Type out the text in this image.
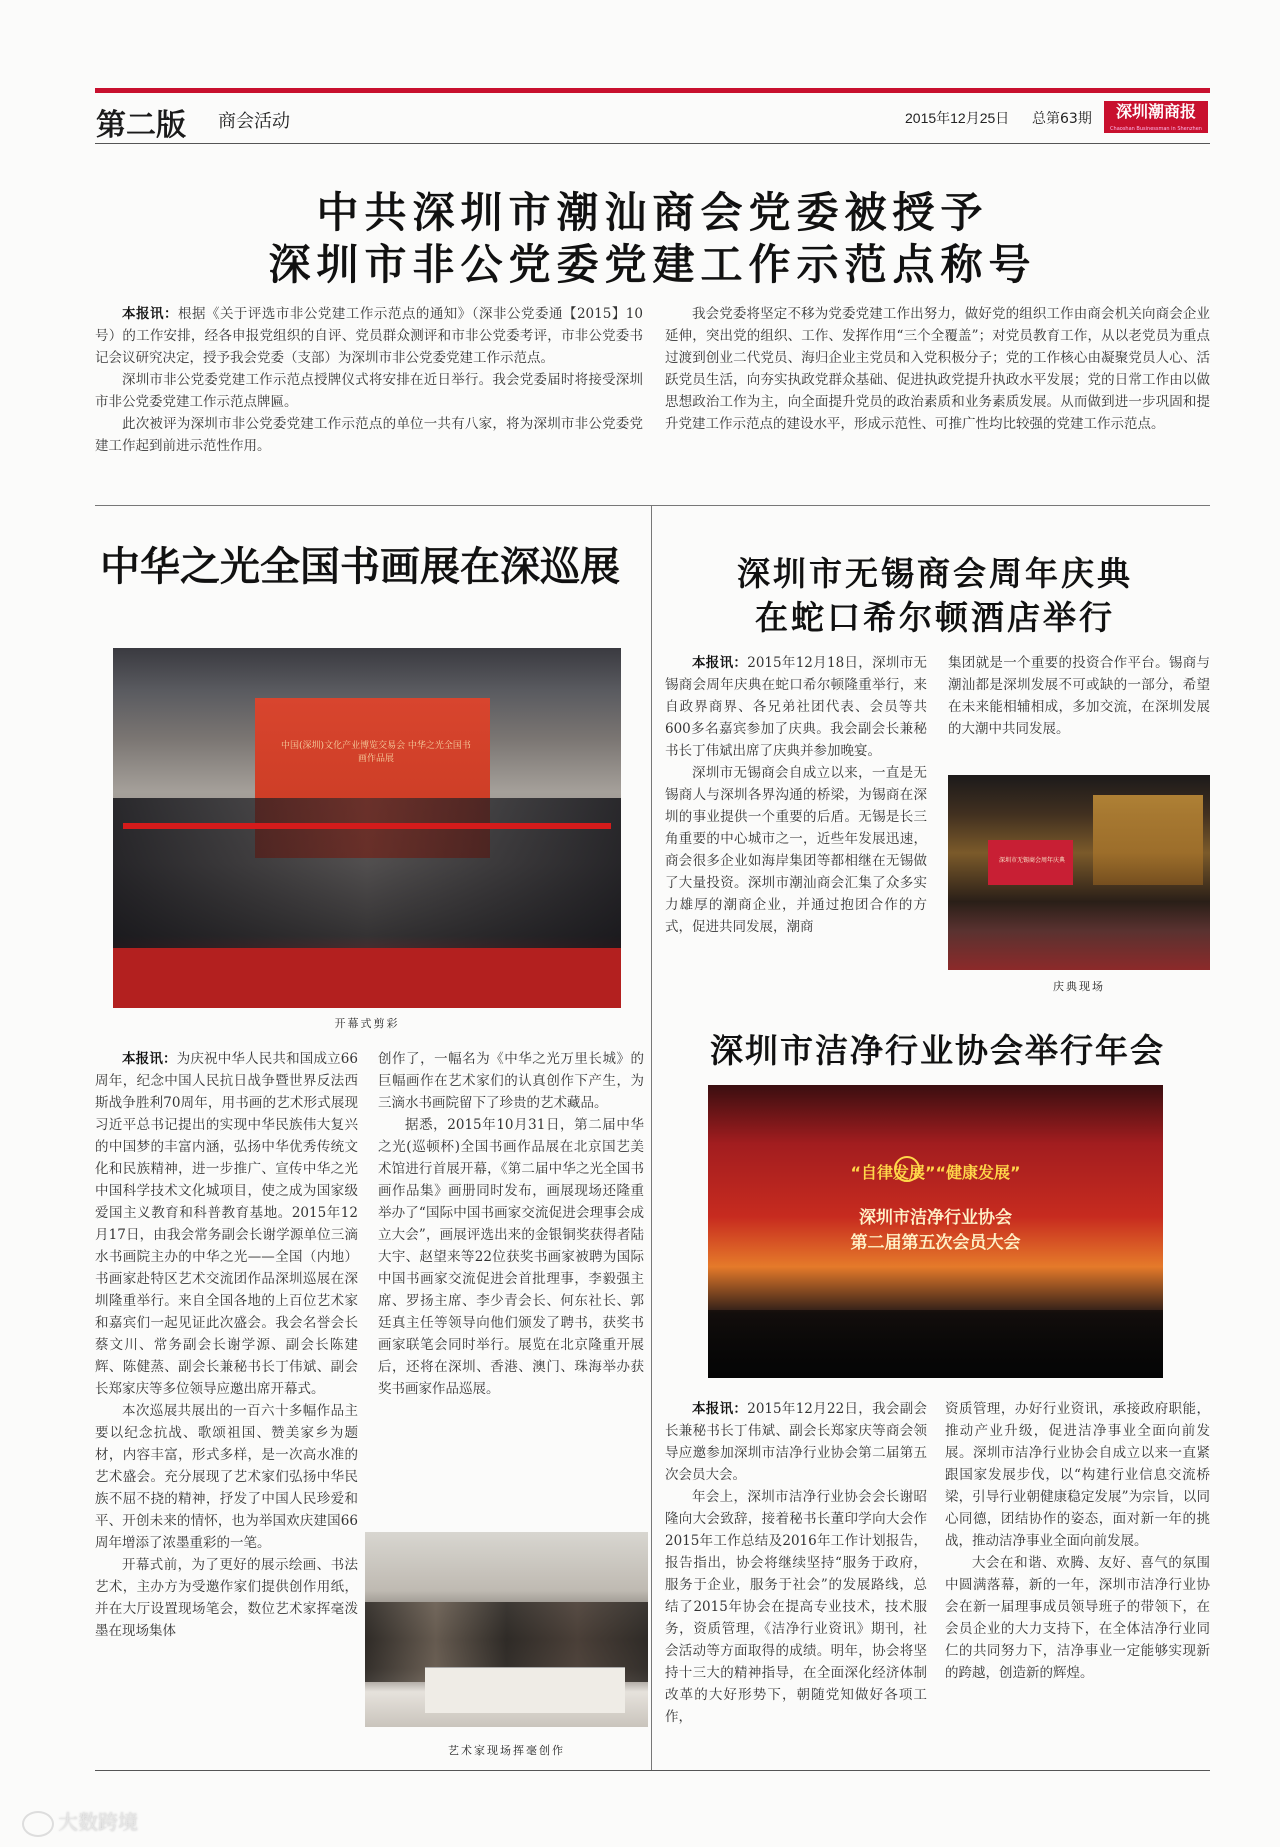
第二版 商会活动	2015年12月25日 总第63期	深圳潮商报
Chaoshan Businessman in Shenzhen
中共深圳市潮汕商会党委被授予
深圳市非公党委党建工作示范点称号

本报讯：根据《关于评选市非公党建工作示范点的通知》（深非公党委通【2015】10号）的工作安排，经各申报党组织的自评、党员群众测评和市非公党委考评，市非公党委书记会议研究决定，授予我会党委（支部）为深圳市非公党委党建工作示范点。

深圳市非公党委党建工作示范点授牌仪式将安排在近日举行。我会党委届时将接受深圳市非公党委党建工作示范点牌匾。

此次被评为深圳市非公党委党建工作示范点的单位一共有八家，将为深圳市非公党委党建工作起到前进示范性作用。

我会党委将坚定不移为党委党建工作出努力，做好党的组织工作由商会机关向商会企业延伸，突出党的组织、工作、发挥作用“三个全覆盖”；对党员教育工作，从以老党员为重点过渡到创业二代党员、海归企业主党员和入党积极分子；党的工作核心由凝聚党员人心、活跃党员生活，向夯实执政党群众基础、促进执政党提升执政水平发展；党的日常工作由以做思想政治工作为主，向全面提升党员的政治素质和业务素质发展。从而做到进一步巩固和提升党建工作示范点的建设水平，形成示范性、可推广性均比较强的党建工作示范点。

中华之光全国书画展在深巡展
中国(深圳)文化产业博览交易会 中华之光全国书画作品展
开幕式剪彩

本报讯：为庆祝中华人民共和国成立66周年，纪念中国人民抗日战争暨世界反法西斯战争胜利70周年，用书画的艺术形式展现习近平总书记提出的实现中华民族伟大复兴的中国梦的丰富内涵，弘扬中华优秀传统文化和民族精神，进一步推广、宣传中华之光中国科学技术文化城项目，使之成为国家级爱国主义教育和科普教育基地。2015年12月17日，由我会常务副会长谢学源单位三滴水书画院主办的中华之光——全国（内地）书画家赴特区艺术交流团作品深圳巡展在深圳隆重举行。来自全国各地的上百位艺术家和嘉宾们一起见证此次盛会。我会名誉会长蔡文川、常务副会长谢学源、副会长陈建辉、陈健蒸、副会长兼秘书长丁伟斌、副会长郑家庆等多位领导应邀出席开幕式。

本次巡展共展出的一百六十多幅作品主要以纪念抗战、歌颂祖国、赞美家乡为题材，内容丰富，形式多样，是一次高水准的艺术盛会。充分展现了艺术家们弘扬中华民族不屈不挠的精神，抒发了中国人民珍爱和平、开创未来的情怀，也为举国欢庆建国66周年增添了浓墨重彩的一笔。

开幕式前，为了更好的展示绘画、书法艺术，主办方为受邀作家们提供创作用纸，并在大厅设置现场笔会，数位艺术家挥毫泼墨在现场集体

创作了，一幅名为《中华之光万里长城》的巨幅画作在艺术家们的认真创作下产生，为三滴水书画院留下了珍贵的艺术藏品。

据悉，2015年10月31日，第二届中华之光(巡顿杯)全国书画作品展在北京国艺美术馆进行首展开幕，《第二届中华之光全国书画作品集》画册同时发布，画展现场还隆重举办了“国际中国书画家交流促进会理事会成立大会”，画展评选出来的金银铜奖获得者陆大宇、赵望来等22位获奖书画家被聘为国际中国书画家交流促进会首批理事，李毅强主席、罗扬主席、李少青会长、何东社长、郭廷真主任等领导向他们颁发了聘书，获奖书画家联笔会同时举行。展览在北京隆重开展后，还将在深圳、香港、澳门、珠海举办获奖书画家作品巡展。

艺术家现场挥毫创作
深圳市无锡商会周年庆典
在蛇口希尔顿酒店举行

本报讯：2015年12月18日，深圳市无锡商会周年庆典在蛇口希尔顿隆重举行，来自政界商界、各兄弟社团代表、会员等共600多名嘉宾参加了庆典。我会副会长兼秘书长丁伟斌出席了庆典并参加晚宴。

深圳市无锡商会自成立以来，一直是无锡商人与深圳各界沟通的桥梁，为锡商在深圳的事业提供一个重要的后盾。无锡是长三角重要的中心城市之一，近些年发展迅速，商会很多企业如海岸集团等都相继在无锡做了大量投资。深圳市潮汕商会汇集了众多实力雄厚的潮商企业，并通过抱团合作的方式，促进共同发展，潮商

集团就是一个重要的投资合作平台。锡商与潮汕都是深圳发展不可或缺的一部分，希望在未来能相辅相成，多加交流，在深圳发展的大潮中共同发展。

深圳市无锡商会周年庆典
庆典现场
深圳市洁净行业协会举行年会
“自律发展”“健康发展”
深圳市洁净行业协会
第二届第五次会员大会

本报讯：2015年12月22日，我会副会长兼秘书长丁伟斌、副会长郑家庆等商会领导应邀参加深圳市洁净行业协会第二届第五次会员大会。

年会上，深圳市洁净行业协会会长谢昭隆向大会致辞，接着秘书长董印学向大会作2015年工作总结及2016年工作计划报告，报告指出，协会将继续坚持“服务于政府，服务于企业，服务于社会”的发展路线，总结了2015年协会在提高专业技术，技术服务，资质管理，《洁净行业资讯》期刊，社会活动等方面取得的成绩。明年，协会将坚持十三大的精神指导，在全面深化经济体制改革的大好形势下，朝随党知做好各项工作，

资质管理，办好行业资讯，承接政府职能，推动产业升级，促进洁净事业全面向前发展。深圳市洁净行业协会自成立以来一直紧跟国家发展步伐，以“构建行业信息交流桥梁，引导行业朝健康稳定发展”为宗旨，以同心同德，团结协作的姿态，面对新一年的挑战，推动洁净事业全面向前发展。

大会在和谐、欢腾、友好、喜气的氛围中圆满落幕，新的一年，深圳市洁净行业协会在新一届理事成员领导班子的带领下，在会员企业的大力支持下，在全体洁净行业同仁的共同努力下，洁净事业一定能够实现新的跨越，创造新的辉煌。

大数跨境
